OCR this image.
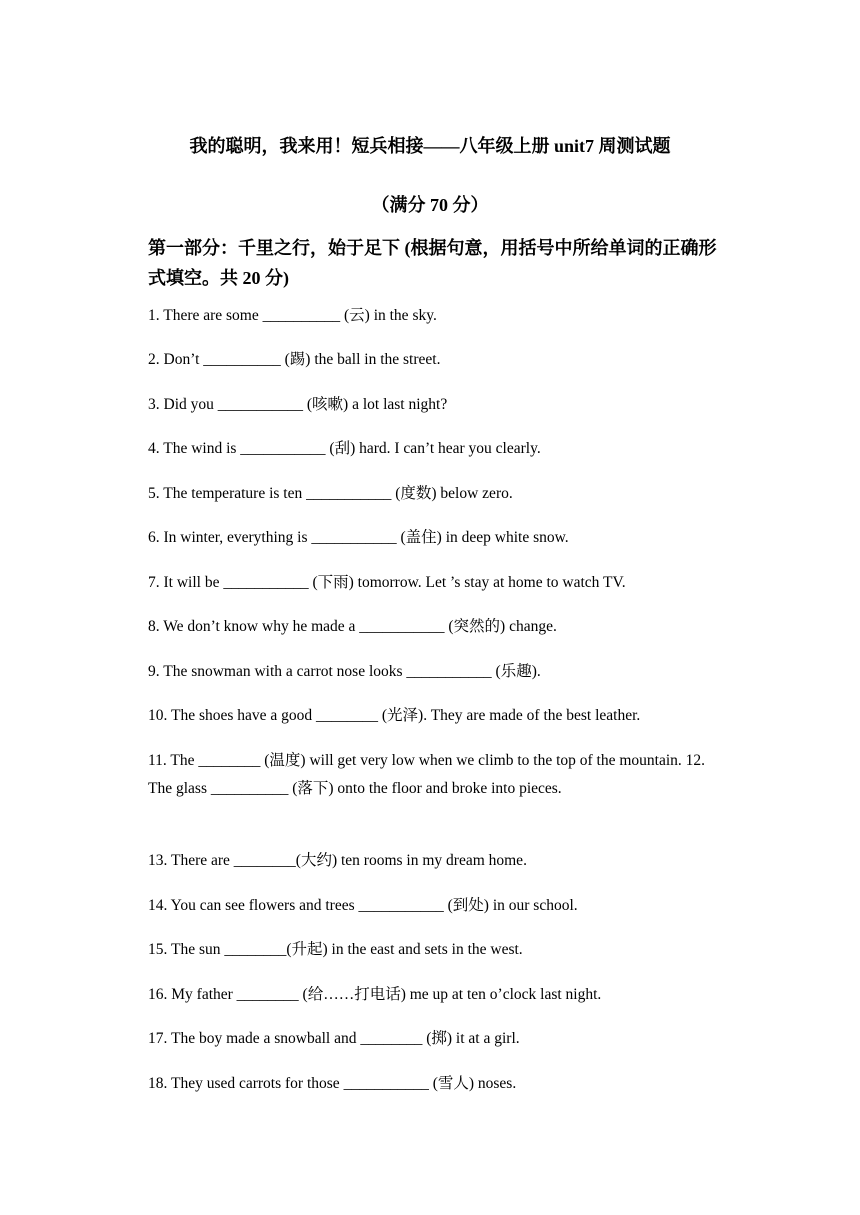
我的聪明，我来用！短兵相接——八年级上册 unit7 周测试题
（满分 70 分）
第一部分：千里之行，始于足下 (根据句意，用括号中所给单词的正确形式填空。共 20 分)
1. There are some __________ (云) in the sky.
2. Don’t __________ (踢) the ball in the street.
3. Did you ___________ (咳嗽) a lot last night?
4. The wind is ___________ (刮) hard. I can’t hear you clearly.
5. The temperature is ten ___________ (度数) below zero.
6. In winter, everything is ___________ (盖住) in deep white snow.
7. It will be ___________ (下雨) tomorrow. Let ’s stay at home to watch TV.
8. We don’t know why he made a ___________ (突然的) change.
9. The snowman with a carrot nose looks ___________ (乐趣).
10. The shoes have a good ________ (光泽). They are made of the best leather.
11. The ________ (温度) will get very low when we climb to the top of the mountain. 12. The glass __________ (落下) onto the floor and broke into pieces.
13. There are ________(大约) ten rooms in my dream home.
14. You can see flowers and trees ___________ (到处) in our school.
15. The sun ________(升起) in the east and sets in the west.
16. My father ________ (给……打电话) me up at ten o’clock last night.
17. The boy made a snowball and ________ (掷) it at a girl.
18. They used carrots for those ___________ (雪人) noses.
